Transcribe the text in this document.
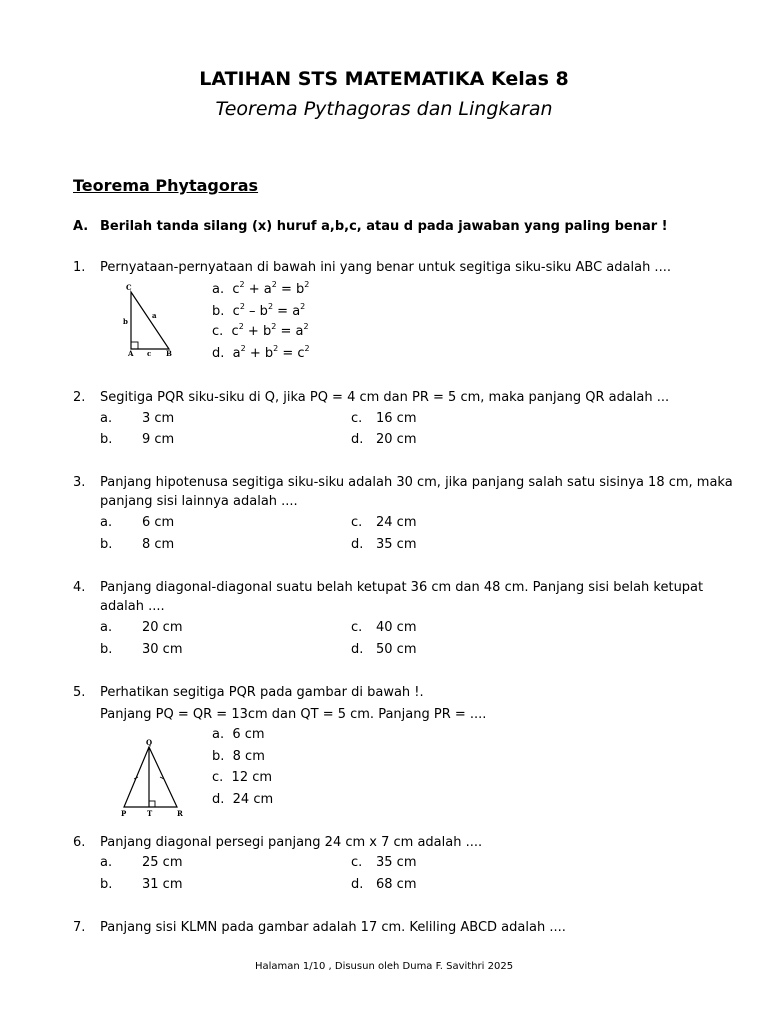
LATIHAN STS MATEMATIKA Kelas 8
Teorema Pythagoras dan Lingkaran
Teorema Phytagoras
A. Berilah tanda silang (x) huruf a,b,c, atau d pada jawaban yang paling benar !
1. Pernyataan-pernyataan di bawah ini yang benar untuk segitiga siku-siku ABC adalah ....
C
b
a
A c B
a. $c^2 + a^2 = b^2$
b. $c^2 - b^2 = a^2$
c. $c^2 + b^2 = a^2$
d. $a^2 + b^2 = c^2$
2. Segitiga PQR siku-siku di Q, jika PQ = 4 cm dan PR = 5 cm, maka panjang QR adalah ...
a. 3 cm
b. 9 cm
c. 16 cm
d. 20 cm
3. Panjang hipotenusa segitiga siku-siku adalah 30 cm, jika panjang salah satu sisinya 18 cm, maka
panjang sisi lainnya adalah ....
a. 6 cm
b. 8 cm
c. 24 cm
d. 35 cm
4. Panjang diagonal-diagonal suatu belah ketupat 36 cm dan 48 cm. Panjang sisi belah ketupat
adalah ....
a. 20 cm
b. 30 cm
c. 40 cm
d. 50 cm
5. Perhatikan segitiga PQR pada gambar di bawah !.
Panjang PQ = QR = 13cm dan QT = 5 cm. Panjang PR = ....
Q
P	T	R
a. 6 cm
b. 8 cm
c. 12 cm
d. 24 cm
6. Panjang diagonal persegi panjang 24 cm x 7 cm adalah ....
a. 25 cm
b. 31 cm
c. 35 cm
d. 68 cm
7. Panjang sisi KLMN pada gambar adalah 17 cm. Keliling ABCD adalah ....
Halaman 1/10 , Disusun oleh Duma F. Savithri 2025
